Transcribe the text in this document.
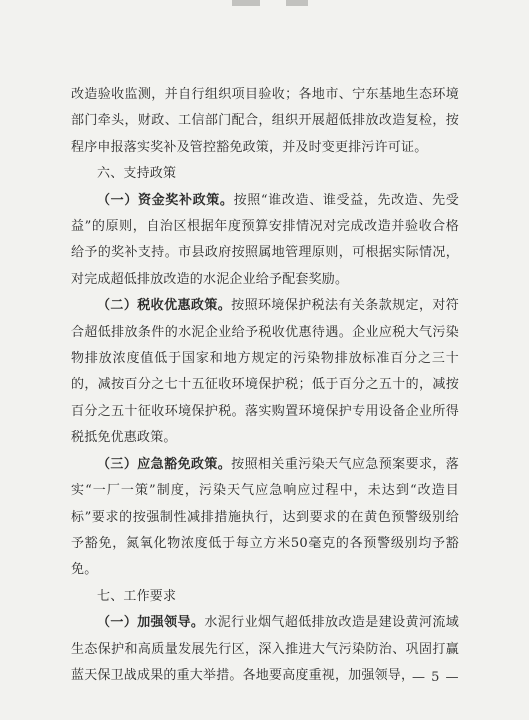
改造验收监测，并自行组织项目验收；各地市、宁东基地生态环境部门牵头，财政、工信部门配合，组织开展超低排放改造复检，按程序申报落实奖补及管控豁免政策，并及时变更排污许可证。

六、支持政策

（一）资金奖补政策。按照“谁改造、谁受益，先改造、先受益”的原则，自治区根据年度预算安排情况对完成改造并验收合格给予的奖补支持。市县政府按照属地管理原则，可根据实际情况，对完成超低排放改造的水泥企业给予配套奖励。

（二）税收优惠政策。按照环境保护税法有关条款规定，对符合超低排放条件的水泥企业给予税收优惠待遇。企业应税大气污染物排放浓度值低于国家和地方规定的污染物排放标准百分之三十的，减按百分之七十五征收环境保护税；低于百分之五十的，减按百分之五十征收环境保护税。落实购置环境保护专用设备企业所得税抵免优惠政策。

（三）应急豁免政策。按照相关重污染天气应急预案要求，落实“一厂一策”制度，污染天气应急响应过程中，未达到“改造目标”要求的按强制性减排措施执行，达到要求的在黄色预警级别给予豁免，氮氧化物浓度低于每立方米50毫克的各预警级别均予豁免。

七、工作要求

（一）加强领导。水泥行业烟气超低排放改造是建设黄河流域生态保护和高质量发展先行区，深入推进大气污染防治、巩固打赢蓝天保卫战成果的重大举措。各地要高度重视，加强领导，

— 5 —
